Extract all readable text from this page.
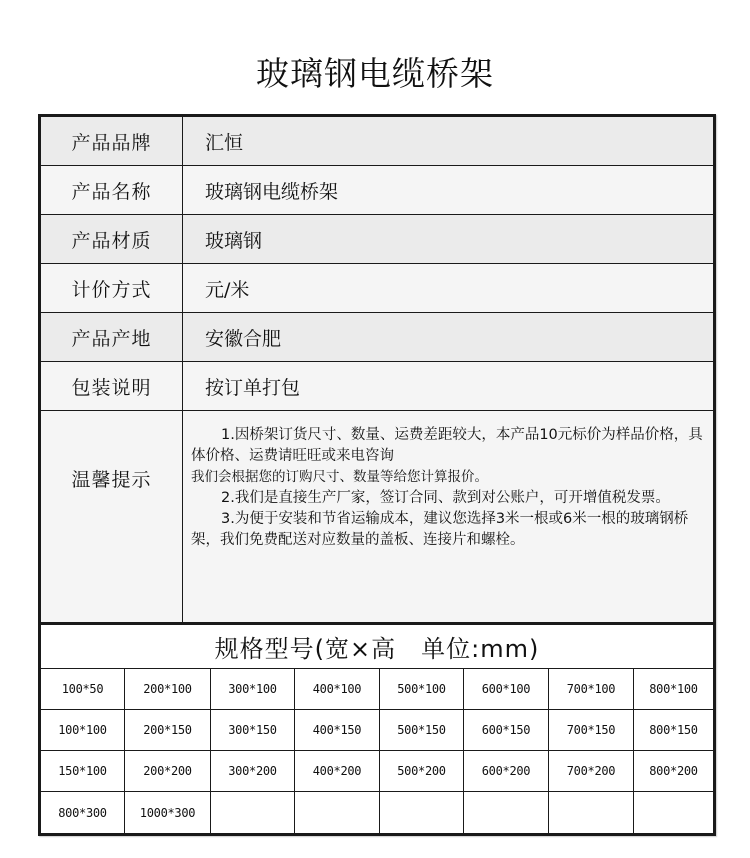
玻璃钢电缆桥架
产品品牌	汇恒
产品名称	玻璃钢电缆桥架
产品材质	玻璃钢
计价方式	元/米
产品产地	安徽合肥
包装说明	按订单打包
温馨提示

1.因桥架订货尺寸、数量、运费差距较大，本产品10元标价为样品价格，具体价格、运费请旺旺或来电咨询

我们会根据您的订购尺寸、数量等给您计算报价。

2.我们是直接生产厂家，签订合同、款到对公账户，可开增值税发票。

3.为便于安装和节省运输成本，建议您选择3米一根或6米一根的玻璃钢桥架，我们免费配送对应数量的盖板、连接片和螺栓。

规格型号(宽×高　单位:mm)
100*50	200*100	300*100	400*100	500*100	600*100	700*100	800*100
100*100	200*150	300*150	400*150	500*150	600*150	700*150	800*150
150*100	200*200	300*200	400*200	500*200	600*200	700*200	800*200
800*300	1000*300
